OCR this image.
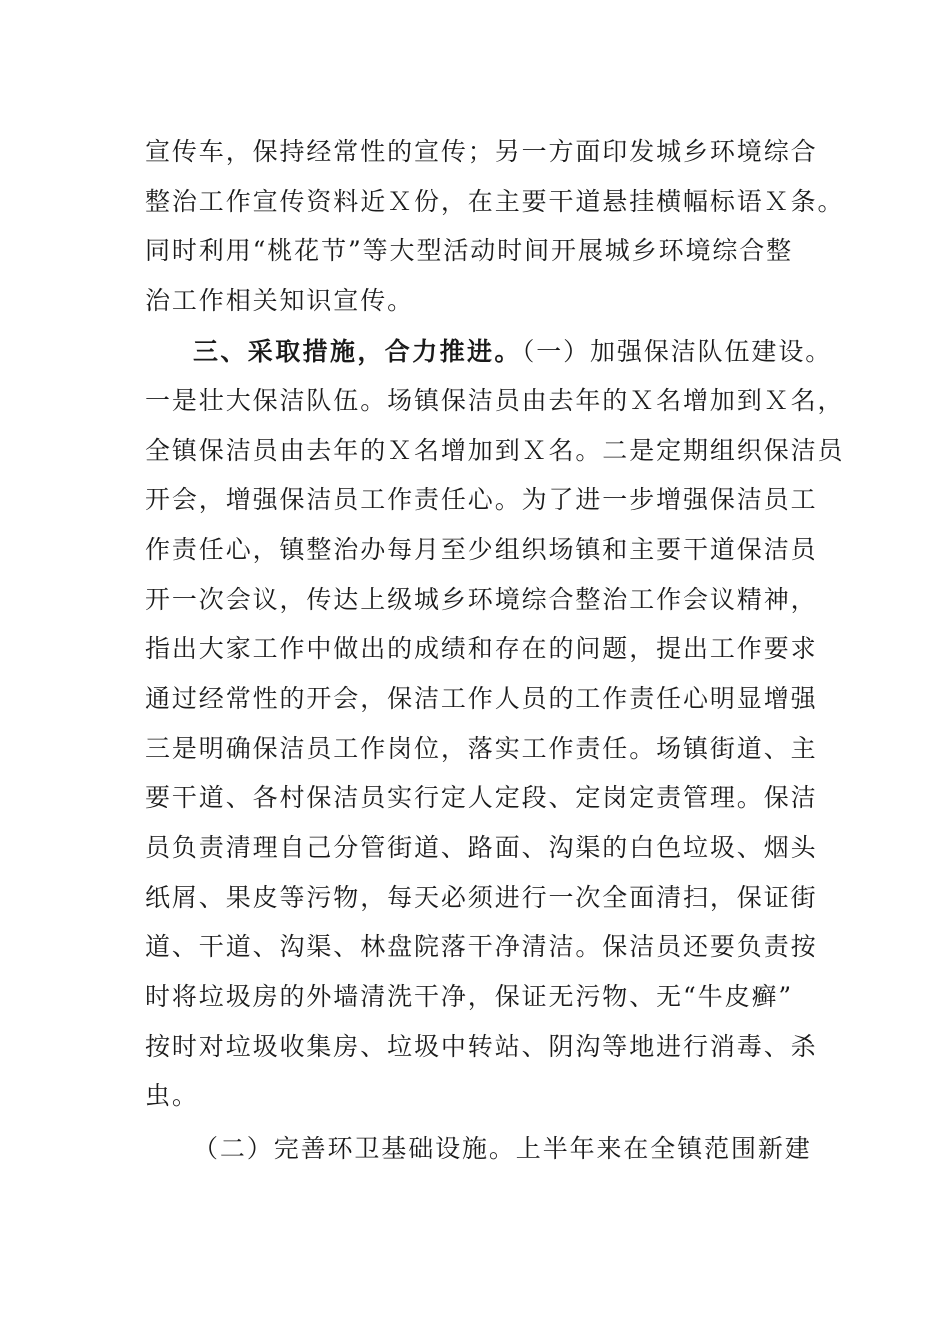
宣传车，保持经常性的宣传；另一方面印发城乡环境综合
整治工作宣传资料近Ｘ份，在主要干道悬挂横幅标语Ｘ条。
同时利用“桃花节”等大型活动时间开展城乡环境综合整
治工作相关知识宣传。
三、采取措施，合力推进。（一）加强保洁队伍建设。
一是壮大保洁队伍。场镇保洁员由去年的Ｘ名增加到Ｘ名，
全镇保洁员由去年的Ｘ名增加到Ｘ名。二是定期组织保洁员
开会，增强保洁员工作责任心。为了进一步增强保洁员工
作责任心，镇整治办每月至少组织场镇和主要干道保洁员
开一次会议，传达上级城乡环境综合整治工作会议精神，
指出大家工作中做出的成绩和存在的问题，提出工作要求
通过经常性的开会，保洁工作人员的工作责任心明显增强
三是明确保洁员工作岗位，落实工作责任。场镇街道、主
要干道、各村保洁员实行定人定段、定岗定责管理。保洁
员负责清理自己分管街道、路面、沟渠的白色垃圾、烟头
纸屑、果皮等污物，每天必须进行一次全面清扫，保证街
道、干道、沟渠、林盘院落干净清洁。保洁员还要负责按
时将垃圾房的外墙清洗干净，保证无污物、无“牛皮癣”
按时对垃圾收集房、垃圾中转站、阴沟等地进行消毒、杀
虫。
（二）完善环卫基础设施。上半年来在全镇范围新建
